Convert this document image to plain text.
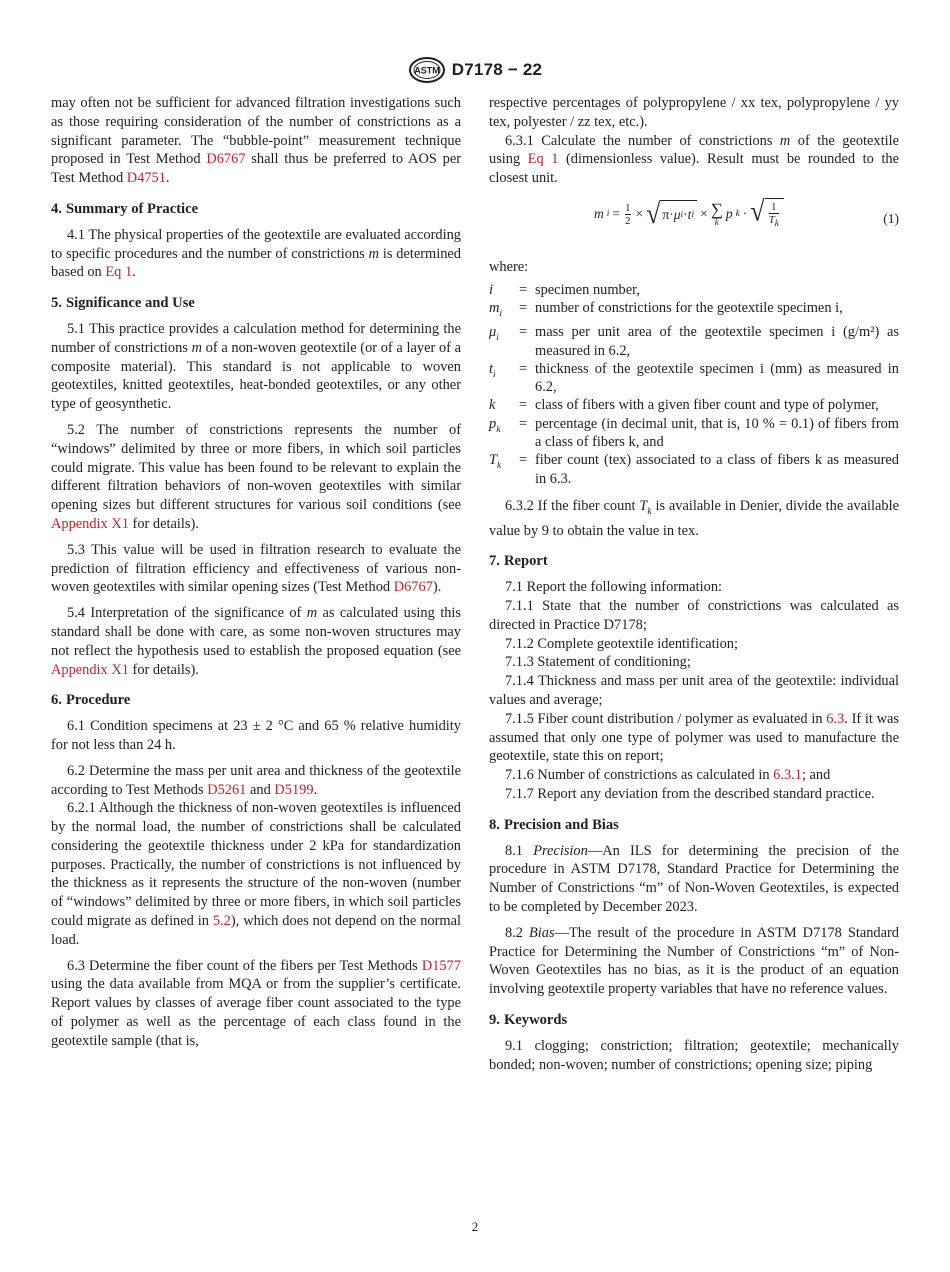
ASTM D7178 − 22

may often not be sufficient for advanced filtration investigations such as those requiring consideration of the number of constrictions as a significant parameter. The “bubble-point” measurement technique proposed in Test Method D6767 shall thus be preferred to AOS per Test Method D4751.

4. Summary of Practice

4.1 The physical properties of the geotextile are evaluated according to specific procedures and the number of constrictions m is determined based on Eq 1.

5. Significance and Use

5.1 This practice provides a calculation method for determining the number of constrictions m of a non-woven geotextile (or of a layer of a composite material). This standard is not applicable to woven geotextiles, knitted geotextiles, heat-bonded geotextiles, or any other type of geosynthetic.

5.2 The number of constrictions represents the number of “windows” delimited by three or more fibers, in which soil particles could migrate. This value has been found to be relevant to explain the different filtration behaviors of non-woven geotextiles with similar opening sizes but different structures for various soil conditions (see Appendix X1 for details).

5.3 This value will be used in filtration research to evaluate the prediction of filtration efficiency and effectiveness of various non-woven geotextiles with similar opening sizes (Test Method D6767).

5.4 Interpretation of the significance of m as calculated using this standard shall be done with care, as some non-woven structures may not reflect the hypothesis used to establish the proposed equation (see Appendix X1 for details).

6. Procedure

6.1 Condition specimens at 23 ± 2 °C and 65 % relative humidity for not less than 24 h.

6.2 Determine the mass per unit area and thickness of the geotextile according to Test Methods D5261 and D5199.

6.2.1 Although the thickness of non-woven geotextiles is influenced by the normal load, the number of constrictions shall be calculated considering the geotextile thickness under 2 kPa for standardization purposes. Practically, the number of constrictions is not influenced by the thickness as it represents the structure of the non-woven (number of “windows” delimited by three or more fibers, in which soil particles could migrate as defined in 5.2), which does not depend on the normal load.

6.3 Determine the fiber count of the fibers per Test Methods D1577 using the data available from MQA or from the supplier’s certificate. Report values by classes of average fiber count associated to the type of polymer as well as the percentage of each class found in the geotextile sample (that is,

respective percentages of polypropylene / xx tex, polypropylene / yy tex, polyester / zz tex, etc.).

6.3.1 Calculate the number of constrictions m of the geotextile using Eq 1 (dimensionless value). Result must be rounded to the closest unit.

m $i = \frac{1}{2}$ × √ π · μ i · t i × ∑
k
p k · √ $\frac{1}{T_k}$	(1)

where:

i	= specimen number,
$m_i$	= number of constrictions for the geotextile specimen i,
$\mu_i$	= mass per unit area of the geotextile specimen i (g/m²) as measured in 6.2,
$t_i$	= thickness of the geotextile specimen i (mm) as measured in 6.2,
k	= class of fibers with a given fiber count and type of polymer,
$p_k$	= percentage (in decimal unit, that is, 10 % = 0.1) of fibers from a class of fibers k, and
$T_k$	= fiber count (tex) associated to a class of fibers k as measured in 6.3.

6.3.2 If the fiber count $T_k$ is available in Denier, divide the available value by 9 to obtain the value in tex.

7. Report

7.1 Report the following information:

7.1.1 State that the number of constrictions was calculated as directed in Practice D7178;

7.1.2 Complete geotextile identification;

7.1.3 Statement of conditioning;

7.1.4 Thickness and mass per unit area of the geotextile: individual values and average;

7.1.5 Fiber count distribution / polymer as evaluated in 6.3. If it was assumed that only one type of polymer was used to manufacture the geotextile, state this on report;

7.1.6 Number of constrictions as calculated in 6.3.1; and

7.1.7 Report any deviation from the described standard practice.

8. Precision and Bias

8.1 Precision—An ILS for determining the precision of the procedure in ASTM D7178, Standard Practice for Determining the Number of Constrictions “m” of Non-Woven Geotextiles, is expected to be completed by December 2023.

8.2 Bias—The result of the procedure in ASTM D7178 Standard Practice for Determining the Number of Constrictions “m” of Non-Woven Geotextiles has no bias, as it is the product of an equation involving geotextile property variables that have no reference values.

9. Keywords

9.1 clogging; constriction; filtration; geotextile; mechanically bonded; non-woven; number of constrictions; opening size; piping

2
